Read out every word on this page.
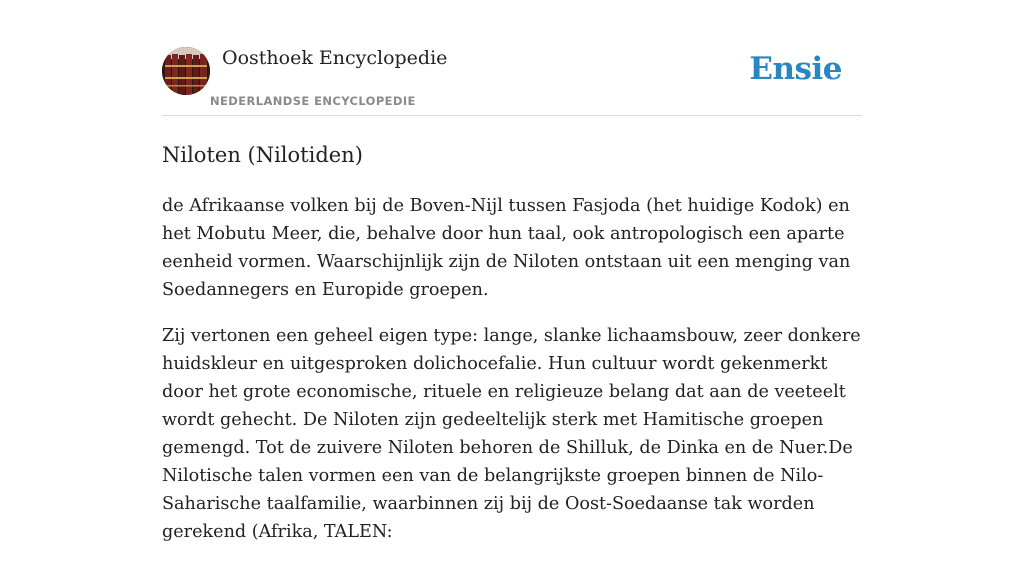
Oosthoek Encyclopedie
NEDERLANDSE ENCYCLOPEDIE
Ensie
Niloten (Nilotiden)

de Afrikaanse volken bij de Boven-Nijl tussen Fasjoda (het huidige Kodok) en het Mobutu Meer, die, behalve door hun taal, ook antropologisch een aparte eenheid vormen. Waarschijnlijk zijn de Niloten ontstaan uit een menging van Soedannegers en Europide groepen.

Zij vertonen een geheel eigen type: lange, slanke lichaamsbouw, zeer donkere huidskleur en uitgesproken dolichocefalie. Hun cultuur wordt gekenmerkt door het grote economische, rituele en religieuze belang dat aan de veeteelt wordt gehecht. De Niloten zijn gedeeltelijk sterk met Hamitische groepen gemengd. Tot de zuivere Niloten behoren de Shilluk, de Dinka en de Nuer.De Nilotische talen vormen een van de belangrijkste groepen binnen de Nilo-Saharische taalfamilie, waarbinnen zij bij de Oost-Soedaanse tak worden gerekend (Afrika, TALEN:
